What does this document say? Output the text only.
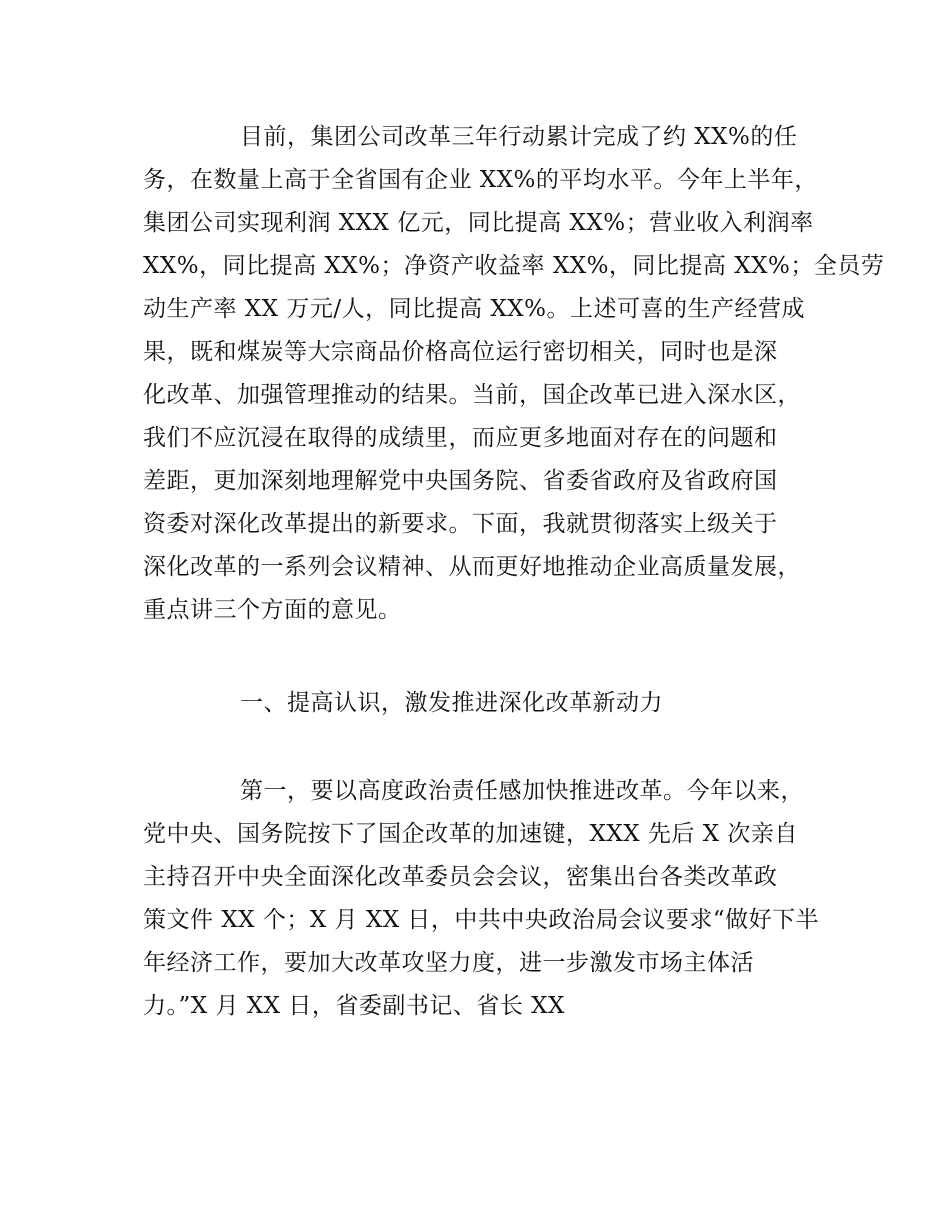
目前，集团公司改革三年行动累计完成了约 XX%的任
务，在数量上高于全省国有企业 XX%的平均水平。今年上半年，
集团公司实现利润 XXX 亿元，同比提高 XX%；营业收入利润率
XX%，同比提高 XX%；净资产收益率 XX%，同比提高 XX%；全员劳
动生产率 XX 万元/人，同比提高 XX%。上述可喜的生产经营成
果，既和煤炭等大宗商品价格高位运行密切相关，同时也是深
化改革、加强管理推动的结果。当前，国企改革已进入深水区，
我们不应沉浸在取得的成绩里，而应更多地面对存在的问题和
差距，更加深刻地理解党中央国务院、省委省政府及省政府国
资委对深化改革提出的新要求。下面，我就贯彻落实上级关于
深化改革的一系列会议精神、从而更好地推动企业高质量发展，
重点讲三个方面的意见。
一、提高认识，激发推进深化改革新动力
第一，要以高度政治责任感加快推进改革。今年以来，
党中央、国务院按下了国企改革的加速键，XXX 先后 X 次亲自
主持召开中央全面深化改革委员会会议，密集出台各类改革政
策文件 XX 个；X 月 XX 日，中共中央政治局会议要求“做好下半
年经济工作，要加大改革攻坚力度，进一步激发市场主体活
力。”X 月 XX 日，省委副书记、省长 XX
